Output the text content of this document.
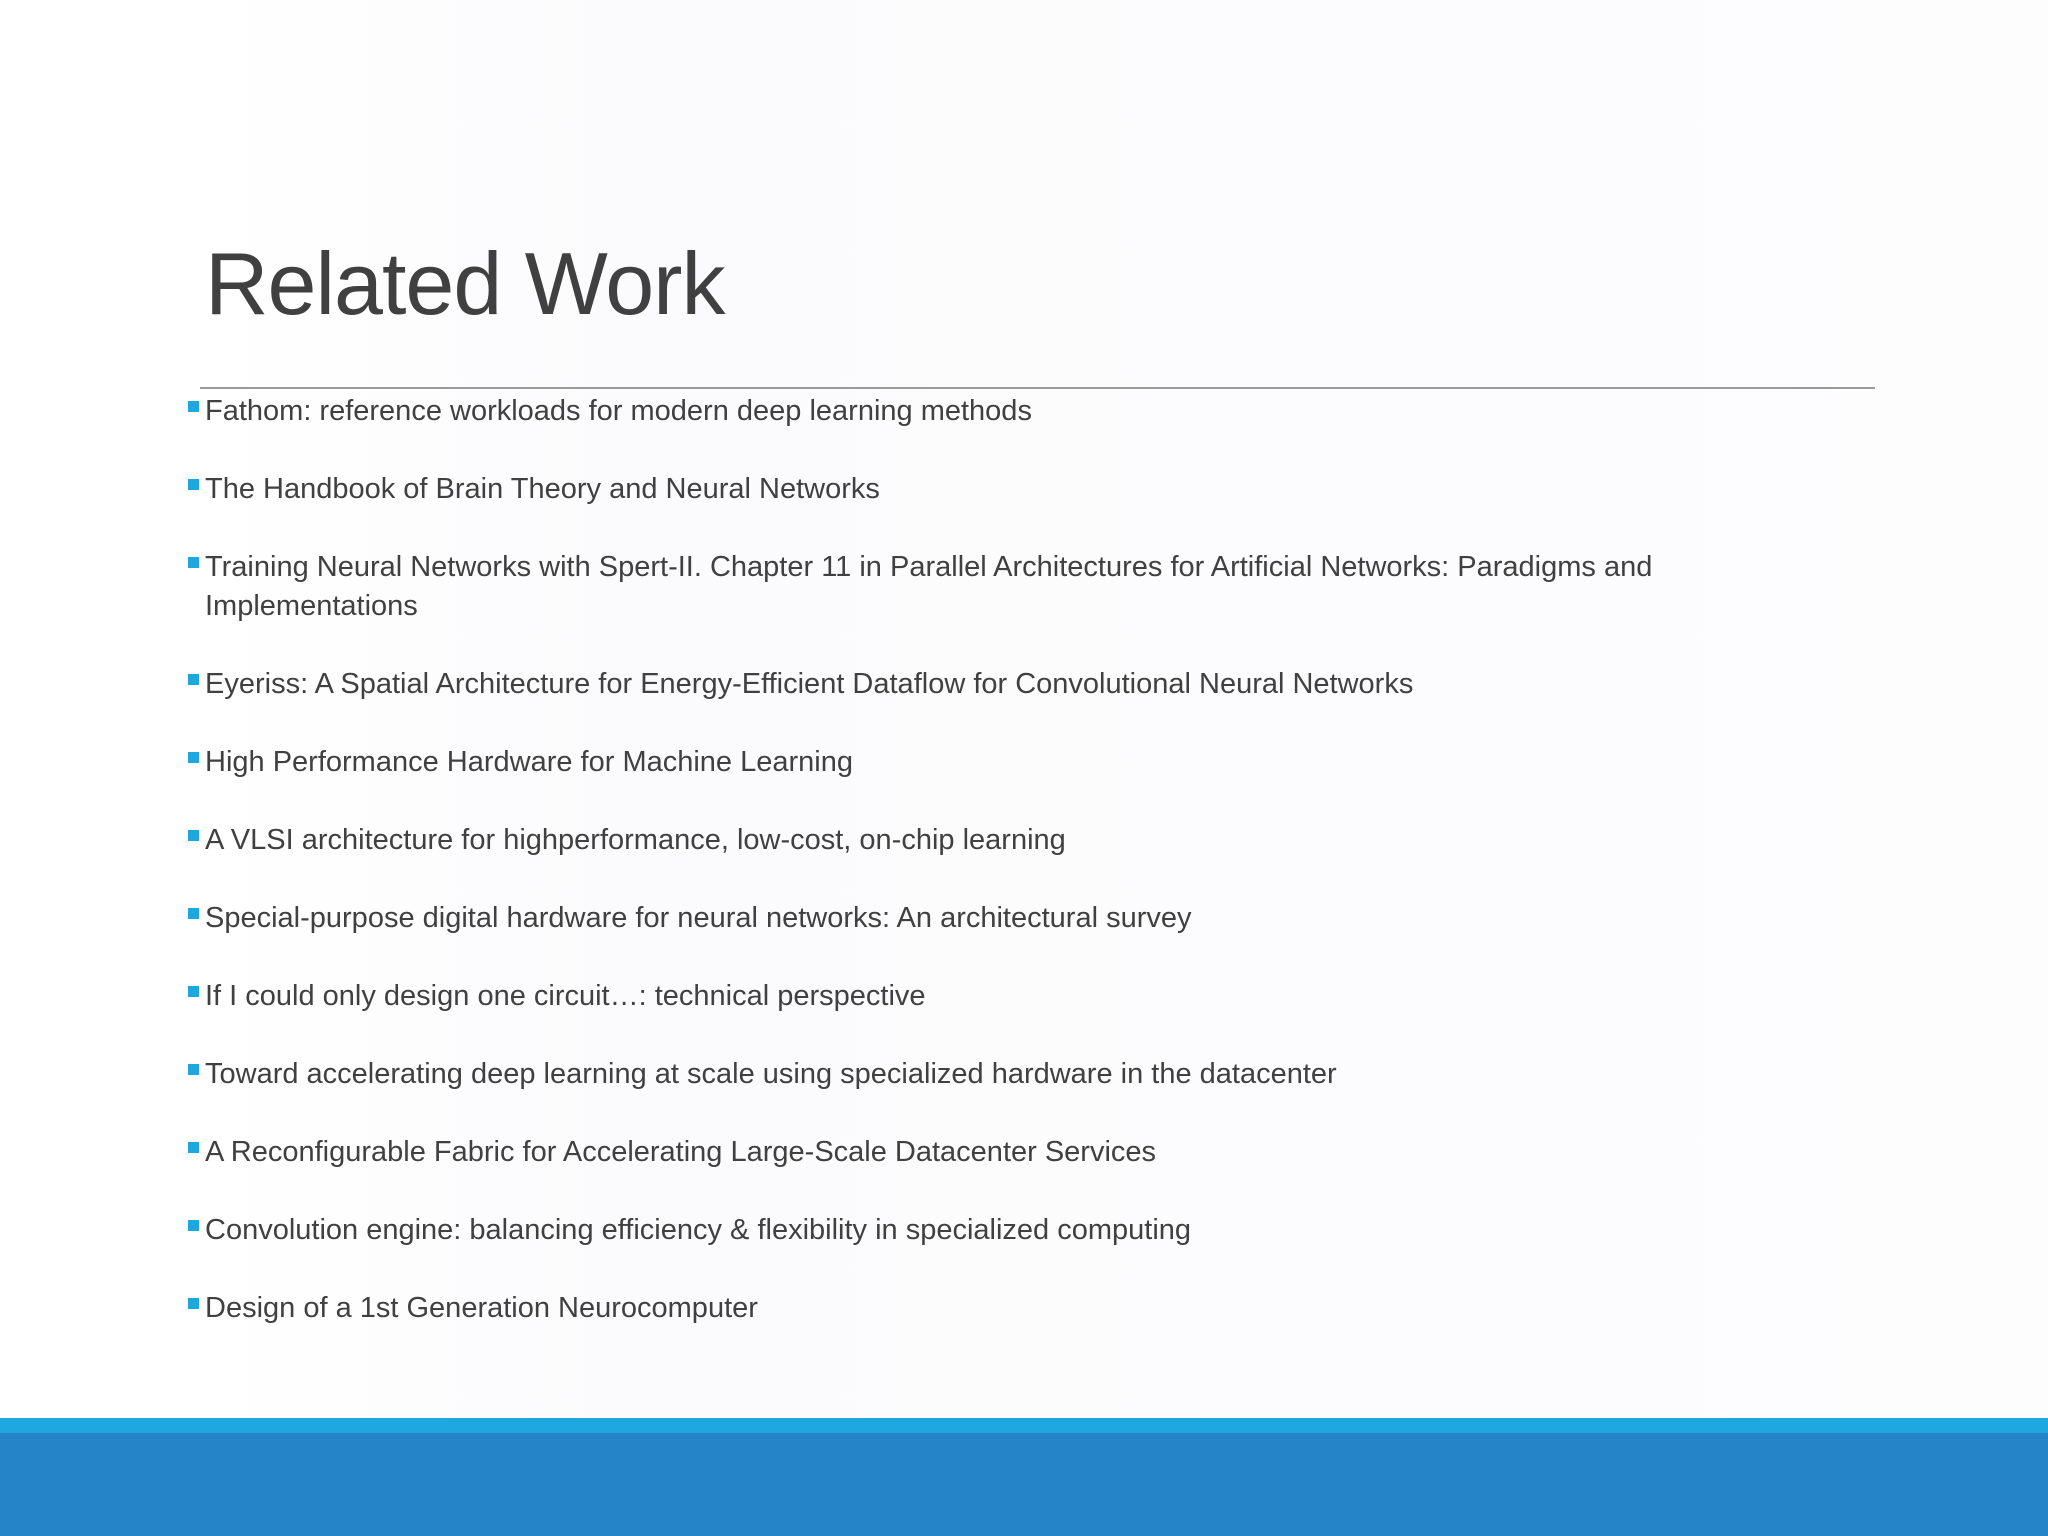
Related Work
Fathom: reference workloads for modern deep learning methods
The Handbook of Brain Theory and Neural Networks
Training Neural Networks with Spert-II. Chapter 11 in Parallel Architectures for Artificial Networks: Paradigms and Implementations
Eyeriss: A Spatial Architecture for Energy-Efficient Dataflow for Convolutional Neural Networks
High Performance Hardware for Machine Learning
A VLSI architecture for highperformance, low-cost, on-chip learning
Special-purpose digital hardware for neural networks: An architectural survey
If I could only design one circuit…: technical perspective
Toward accelerating deep learning at scale using specialized hardware in the datacenter
A Reconfigurable Fabric for Accelerating Large-Scale Datacenter Services
Convolution engine: balancing efficiency & flexibility in specialized computing
Design of a 1st Generation Neurocomputer
